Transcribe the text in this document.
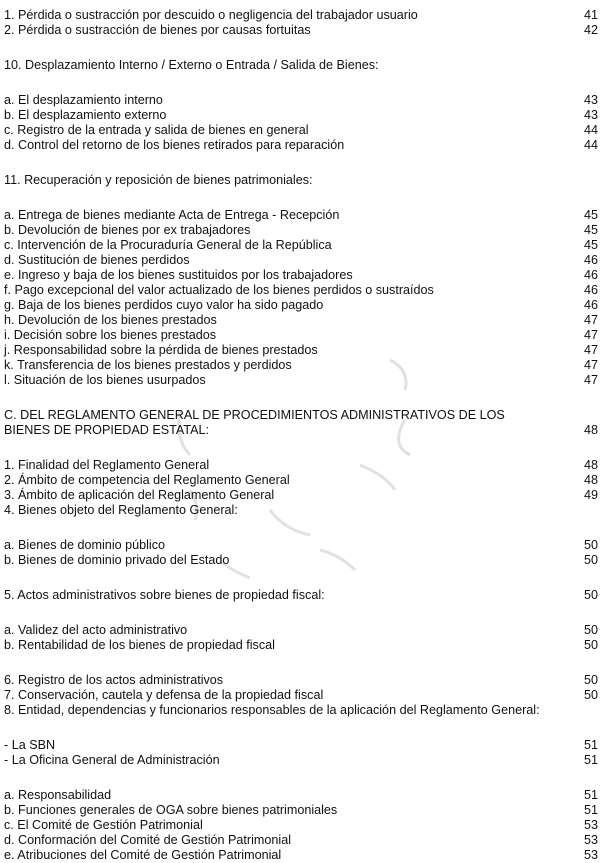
1. Pérdida o sustracción por descuido o negligencia del trabajador usuario	41
2. Pérdida o sustracción de bienes por causas fortuitas	42
10. Desplazamiento Interno / Externo o Entrada / Salida de Bienes:
a. El desplazamiento interno	43
b. El desplazamiento externo	43
c. Registro de la entrada y salida de bienes en general	44
d. Control del retorno de los bienes retirados para reparación	44
11. Recuperación y reposición de bienes patrimoniales:
a. Entrega de bienes mediante Acta de Entrega - Recepción	45
b. Devolución de bienes por ex trabajadores	45
c. Intervención de la Procuraduría General de la República	45
d. Sustitución de bienes perdidos	46
e. Ingreso y baja de los bienes sustituidos por los trabajadores	46
f. Pago excepcional del valor actualizado de los bienes perdidos o sustraídos	46
g. Baja de los bienes perdidos cuyo valor ha sido pagado	46
h. Devolución de los bienes prestados	47
i. Decisión sobre los bienes prestados	47
j. Responsabilidad sobre la pérdida de bienes prestados	47
k. Transferencia de los bienes prestados y perdidos	47
l. Situación de los bienes usurpados	47
C. DEL REGLAMENTO GENERAL DE PROCEDIMIENTOS ADMINISTRATIVOS DE LOS BIENES DE PROPIEDAD ESTATAL:	48
1. Finalidad del Reglamento General	48
2. Ámbito de competencia del Reglamento General	48
3. Ámbito de aplicación del Reglamento General	49
4. Bienes objeto del Reglamento General:
a. Bienes de dominio público	50
b. Bienes de dominio privado del Estado	50
5. Actos administrativos sobre bienes de propiedad fiscal:	50
a. Validez del acto administrativo	50
b. Rentabilidad de los bienes de propiedad fiscal	50
6. Registro de los actos administrativos	50
7. Conservación, cautela y defensa de la propiedad fiscal	50
8. Entidad, dependencias y funcionarios responsables de la aplicación del Reglamento General:
- La SBN	51
- La Oficina General de Administración	51
a. Responsabilidad	51
b. Funciones generales de OGA sobre bienes patrimoniales	51
c. El Comité de Gestión Patrimonial	53
d. Conformación del Comité de Gestión Patrimonial	53
e. Atribuciones del Comité de Gestión Patrimonial	53
